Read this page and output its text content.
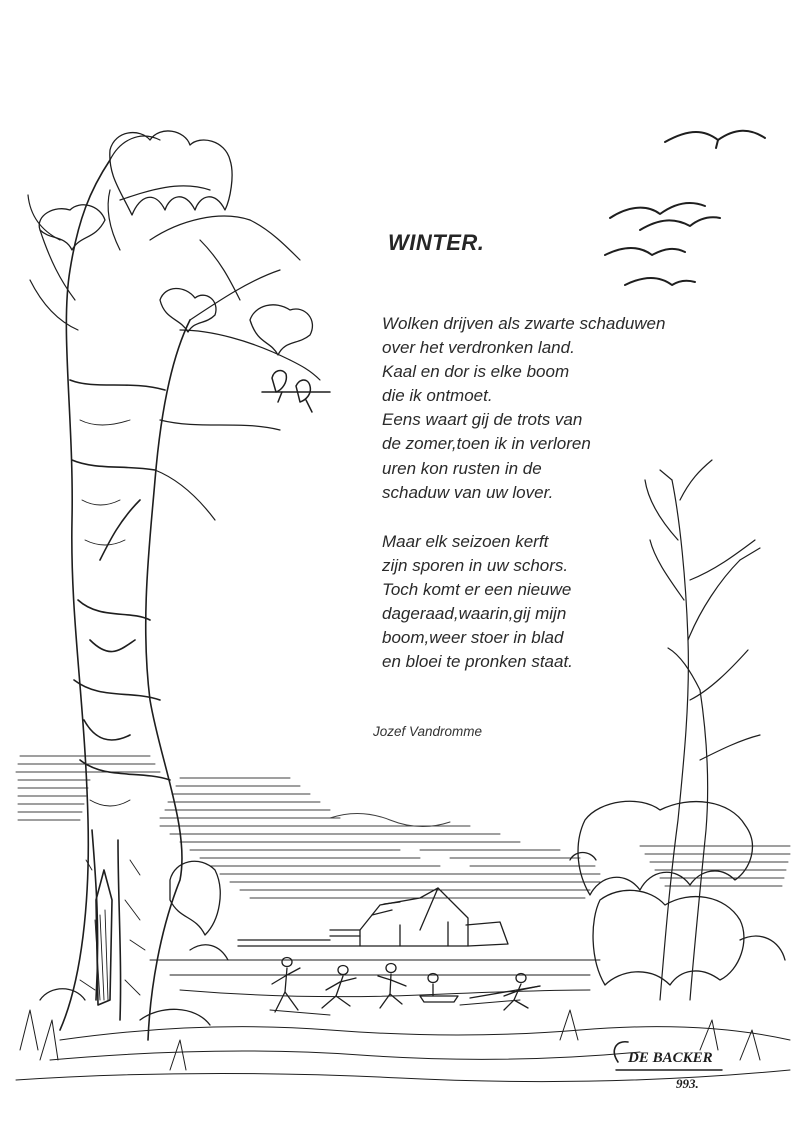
DE BACKER
993.
WINTER.

Wolken drijven als zwarte schaduwen
over het verdronken land.
Kaal en dor is elke boom
die ik ontmoet.
Eens waart gij de trots van
de zomer,toen ik in verloren
uren kon rusten in de
schaduw van uw lover.

Maar elk seizoen kerft
zijn sporen in uw schors.
Toch komt er een nieuwe
dageraad,waarin,gij mijn
boom,weer stoer in blad
en bloei te pronken staat.

Jozef Vandromme
